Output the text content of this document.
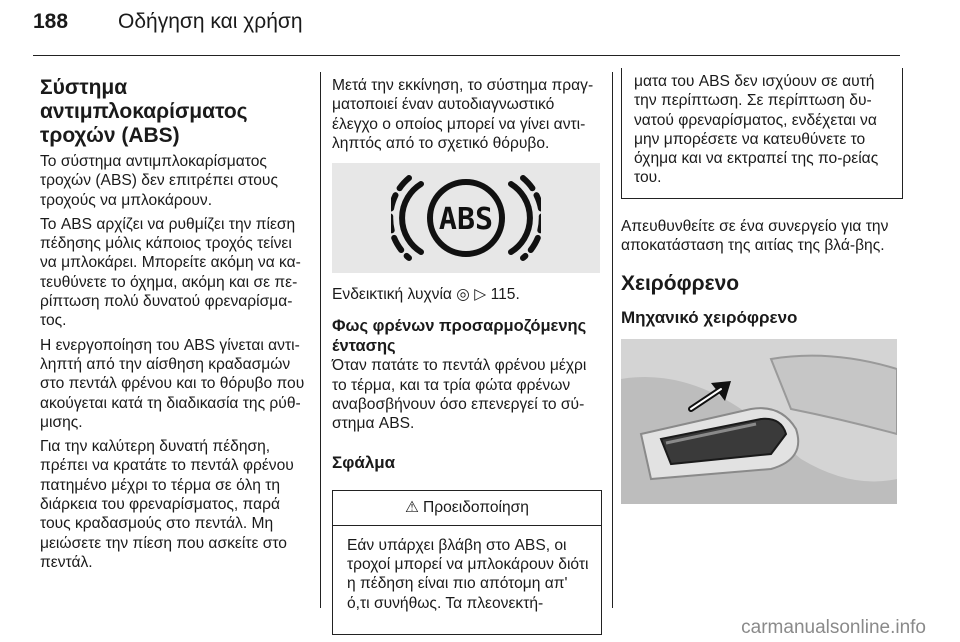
188 Οδήγηση και χρήση
Σύστημα αντιμπλοκαρίσματος τροχών (ABS)

Το σύστημα αντιμπλοκαρίσματος τροχών (ABS) δεν επιτρέπει στους τροχούς να μπλοκάρουν.

Το ABS αρχίζει να ρυθμίζει την πίεση πέδησης μόλις κάποιος τροχός τείνει να μπλοκάρει. Μπορείτε ακόμη να κα-τευθύνετε το όχημα, ακόμη και σε πε-ρίπτωση πολύ δυνατού φρεναρίσμα-τος.

Η ενεργοποίηση του ABS γίνεται αντι-ληπτή από την αίσθηση κραδασμών στο πεντάλ φρένου και το θόρυβο που ακούγεται κατά τη διαδικασία της ρύθ-μισης.

Για την καλύτερη δυνατή πέδηση, πρέπει να κρατάτε το πεντάλ φρένου πατημένο μέχρι το τέρμα σε όλη τη διάρκεια του φρεναρίσματος, παρά τους κραδασμούς στο πεντάλ. Μη μειώσετε την πίεση που ασκείτε στο πεντάλ.

Μετά την εκκίνηση, το σύστημα πραγ-ματοποιεί έναν αυτοδιαγνωστικό έλεγχο ο οποίος μπορεί να γίνει αντι-ληπτός από το σχετικό θόρυβο.

ABS

Ενδεικτική λυχνία ◎ ▷ 115.

Φως φρένων προσαρμοζόμενης έντασης

Όταν πατάτε το πεντάλ φρένου μέχρι το τέρμα, και τα τρία φώτα φρένων αναβοσβήνουν όσο επενεργεί το σύ-στημα ABS.

Σφάλμα
⚠ Προειδοποίηση
Εάν υπάρχει βλάβη στο ABS, οι τροχοί μπορεί να μπλοκάρουν διότι η πέδηση είναι πιο απότομη απ' ό,τι συνήθως. Τα πλεονεκτή-
ματα του ABS δεν ισχύουν σε αυτή την περίπτωση. Σε περίπτωση δυ-νατού φρεναρίσματος, ενδέχεται να μην μπορέσετε να κατευθύνετε το όχημα και να εκτραπεί της πο-ρείας του.

Απευθυνθείτε σε ένα συνεργείο για την αποκατάσταση της αιτίας της βλά-βης.

Χειρόφρενο
Μηχανικό χειρόφρενο
carmanualsonline.info
